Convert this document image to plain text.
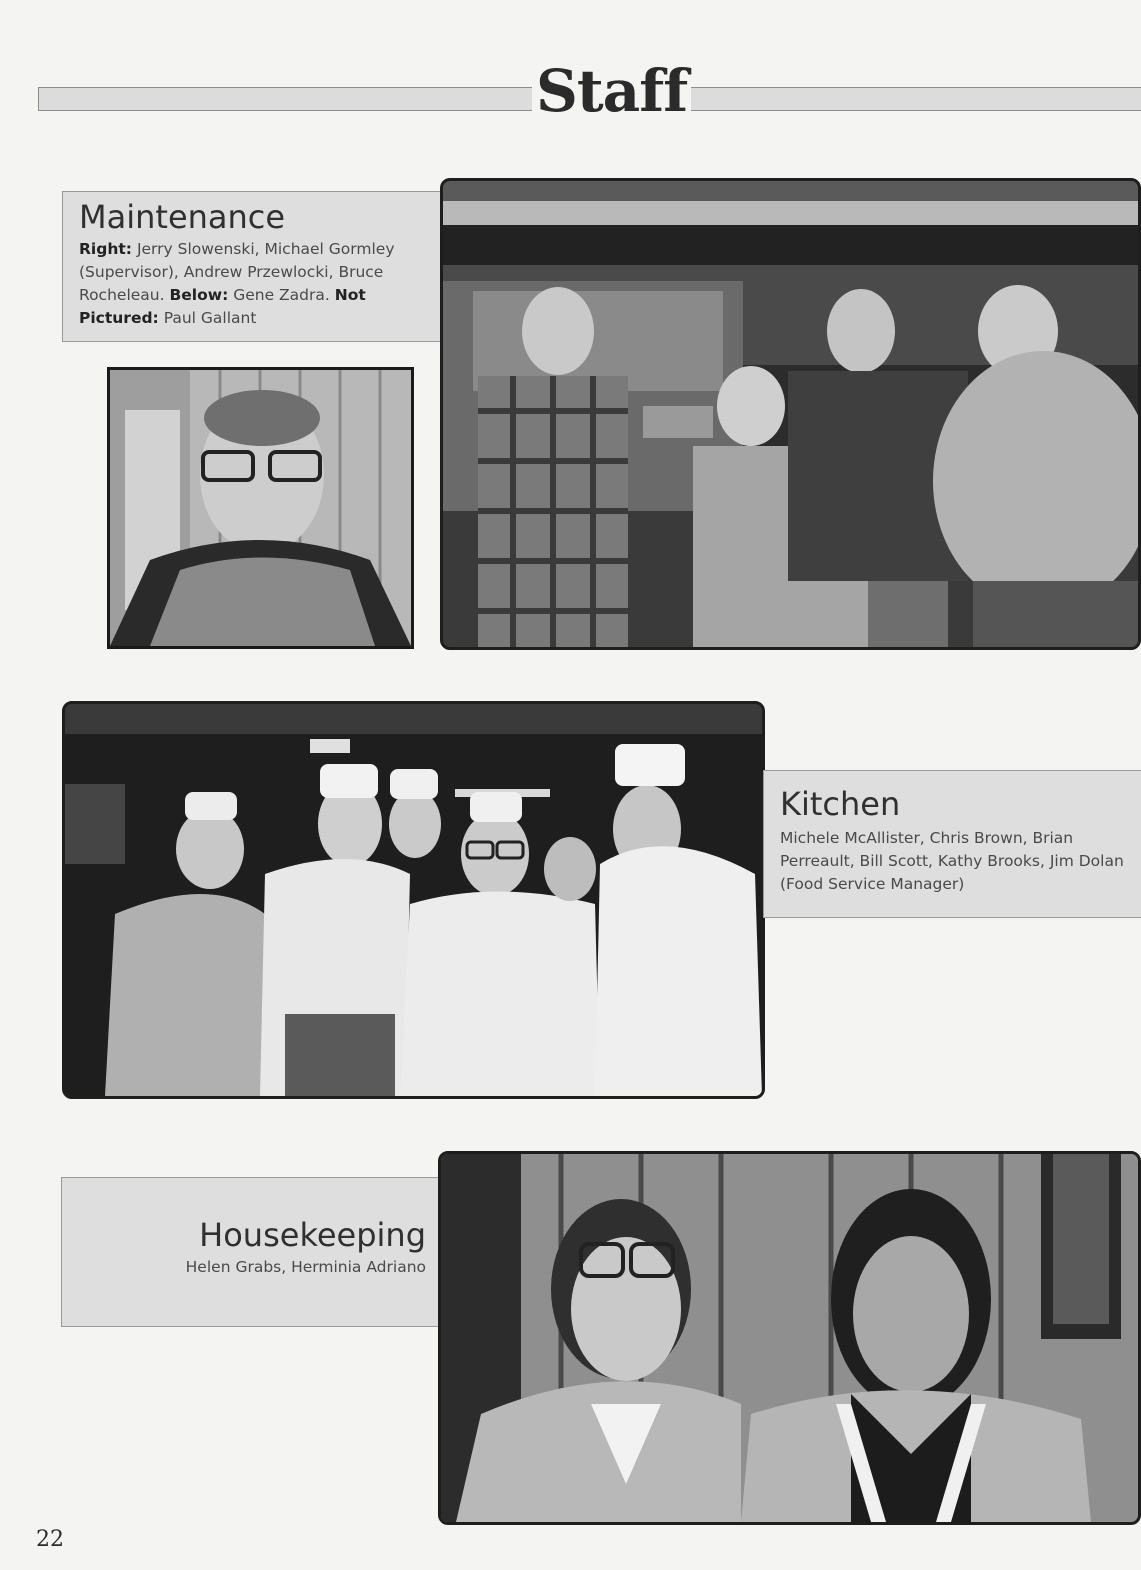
Staff
Maintenance
Right: Jerry Slowenski, Michael Gormley (Supervisor), Andrew Przewlocki, Bruce Rocheleau. Below: Gene Zadra. Not Pictured: Paul Gallant
Kitchen
Michele McAllister, Chris Brown, Brian Perreault, Bill Scott, Kathy Brooks, Jim Dolan (Food Service Manager)
Housekeeping
Helen Grabs, Herminia Adriano
22
